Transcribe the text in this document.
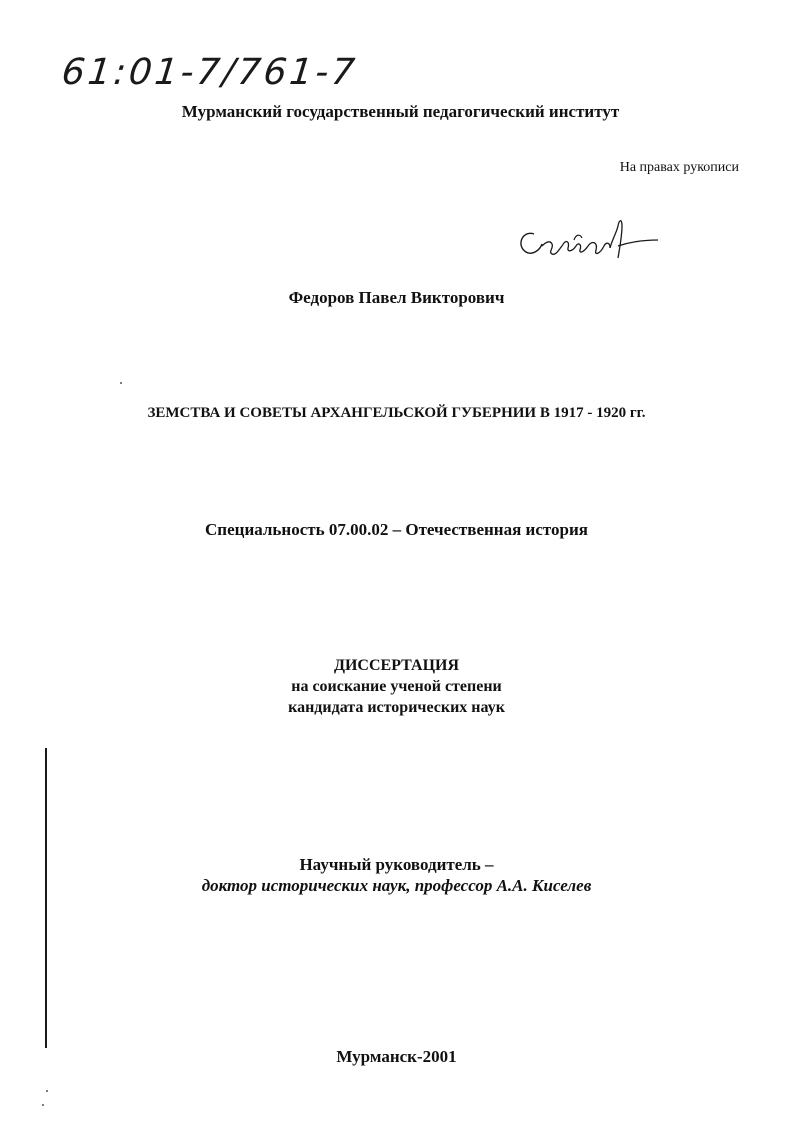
61:01-7/761-7
Мурманский государственный педагогический институт
На правах рукописи
Федоров Павел Викторович
ЗЕМСТВА И СОВЕТЫ АРХАНГЕЛЬСКОЙ ГУБЕРНИИ В 1917 - 1920 гг.
Специальность 07.00.02 – Отечественная история
ДИССЕРТАЦИЯ
на соискание ученой степени
кандидата исторических наук
Научный руководитель –
доктор исторических наук, профессор А.А. Киселев
Мурманск-2001
